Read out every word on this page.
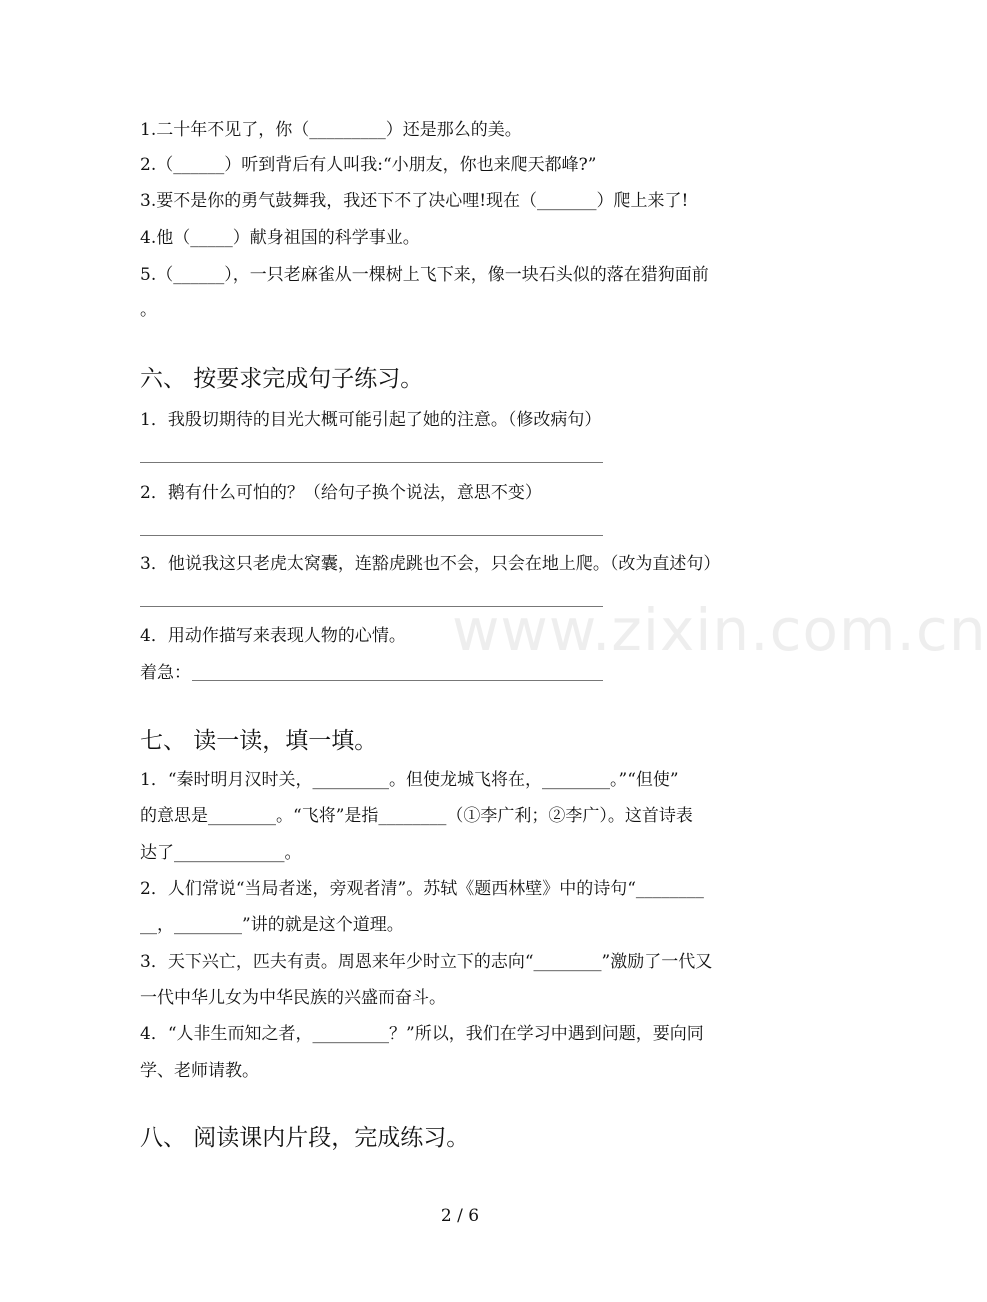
1.二十年不见了，你（_________）还是那么的美。
2.（______）听到背后有人叫我:“小朋友，你也来爬天都峰?”
3.要不是你的勇气鼓舞我，我还下不了决心哩!现在（_______）爬上来了!
4.他（_____）献身祖国的科学事业。
5.（______），一只老麻雀从一棵树上飞下来，像一块石头似的落在猎狗面前
。
六、 按要求完成句子练习。
1．我殷切期待的目光大概可能引起了她的注意。（修改病句）
2．鹅有什么可怕的？（给句子换个说法，意思不变）
3．他说我这只老虎太窝囊，连豁虎跳也不会，只会在地上爬。（改为直述句）
4．用动作描写来表现人物的心情。
着急：
七、 读一读，填一填。
1．“秦时明月汉时关，_________。但使龙城飞将在，________。”“但使”
的意思是________。“飞将”是指________（①李广利；②李广）。这首诗表
达了_____________。
2．人们常说“当局者迷，旁观者清”。苏轼《题西林壁》中的诗句“________
__，________”讲的就是这个道理。
3．天下兴亡，匹夫有责。周恩来年少时立下的志向“________”激励了一代又
一代中华儿女为中华民族的兴盛而奋斗。
4．“人非生而知之者，_________？”所以，我们在学习中遇到问题，要向同
学、老师请教。
八、 阅读课内片段，完成练习。
www.zixin.com.cn
2 / 6
